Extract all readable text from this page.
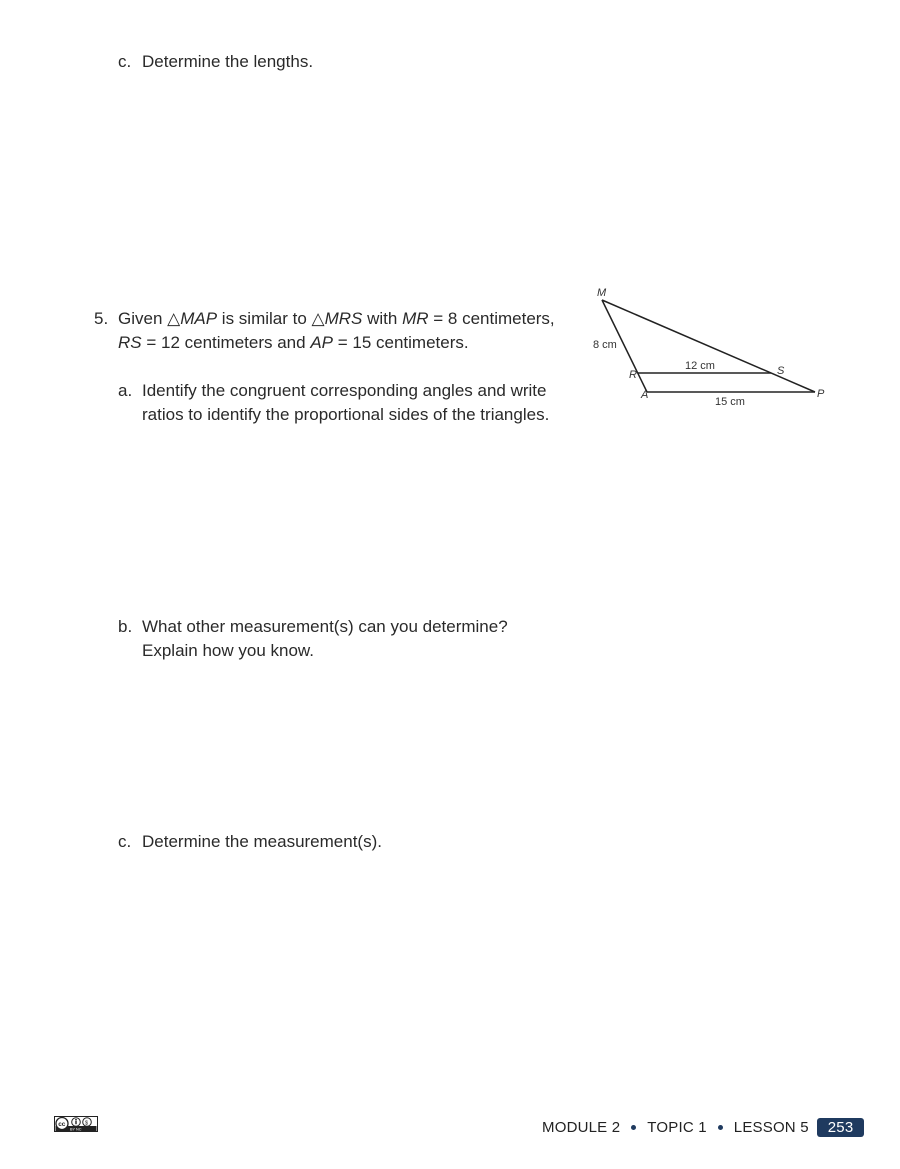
c. Determine the lengths.
5. Given △MAP is similar to △MRS with MR = 8 centimeters,
RS = 12 centimeters and AP = 15 centimeters.
a. Identify the congruent corresponding angles and write
ratios to identify the proportional sides of the triangles.
b. What other measurement(s) can you determine?
Explain how you know.
c. Determine the measurement(s).
M
R	S
A	P
8 cm
12 cm
15 cm
cc	$
BY NC	MODULE 2 TOPIC 1 LESSON 5	253
